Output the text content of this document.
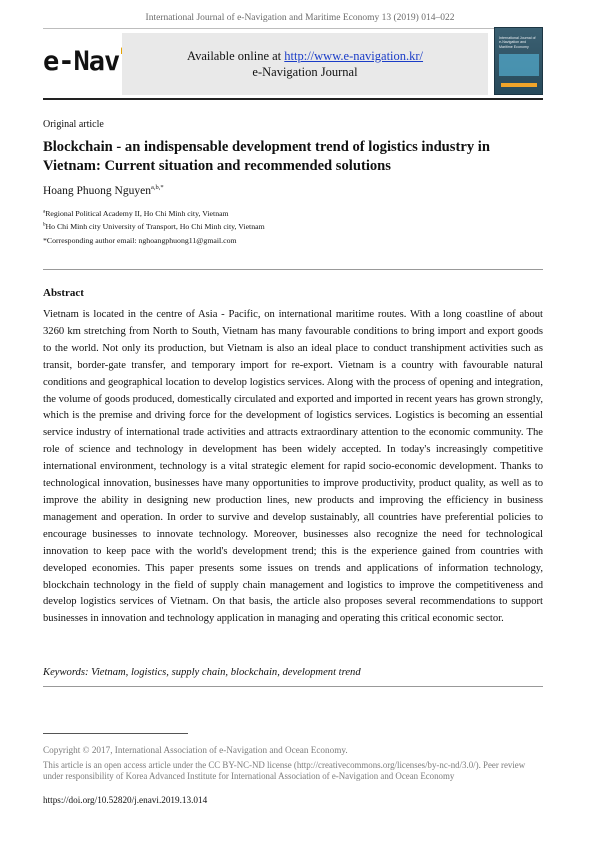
International Journal of e-Navigation and Maritime Economy 13 (2019) 014–022
e-Nav	Available online at http://www.e-navigation.kr/
e-Navigation Journal
International Journal of e-Navigation and Maritime Economy
Original article
Blockchain - an indispensable development trend of logistics industry in Vietnam: Current situation and recommended solutions
Hoang Phuong Nguyen$^{a,b,*}$
$^a$Regional Political Academy II, Ho Chi Minh city, Vietnam
$^b$Ho Chi Minh city University of Transport, Ho Chi Minh city, Vietnam
*Corresponding author email: nghoangphuong11@gmail.com
Abstract
Vietnam is located in the centre of Asia - Pacific, on international maritime routes. With a long coastline of about 3260 km stretching from North to South, Vietnam has many favourable conditions to bring import and export goods to the world. Not only its production, but Vietnam is also an ideal place to conduct transhipment activities such as transit, border-gate transfer, and temporary import for re-export. Vietnam is a country with favourable natural conditions and geographical location to develop logistics services. Along with the process of opening and integration, the volume of goods produced, domestically circulated and exported and imported in recent years has grown strongly, which is the premise and driving force for the development of logistics services. Logistics is becoming an essential service industry of international trade activities and attracts extraordinary attention to the economic community. The role of science and technology in development has been widely accepted. In today's increasingly competitive international environment, technology is a vital strategic element for rapid socio-economic development. Thanks to technological innovation, businesses have many opportunities to improve productivity, product quality, as well as to improve the ability in designing new production lines, new products and improving the efficiency in business management and operation. In order to survive and develop sustainably, all countries have preferential policies to encourage businesses to innovate technology. Moreover, businesses also recognize the need for technological innovation to keep pace with the world's development trend; this is the experience gained from countries with developed economies. This paper presents some issues on trends and applications of information technology, blockchain technology in the field of supply chain management and logistics to improve the competitiveness and develop logistics services of Vietnam. On that basis, the article also proposes several recommendations to support businesses in innovation and technology application in managing and operating this critical economic sector.
Keywords: Vietnam, logistics, supply chain, blockchain, development trend
Copyright © 2017, International Association of e-Navigation and Ocean Economy.
This article is an open access article under the CC BY-NC-ND license (http://creativecommons.org/licenses/by-nc-nd/3.0/). Peer review under responsibility of Korea Advanced Institute for International Association of e-Navigation and Ocean Economy
https://doi.org/10.52820/j.enavi.2019.13.014
